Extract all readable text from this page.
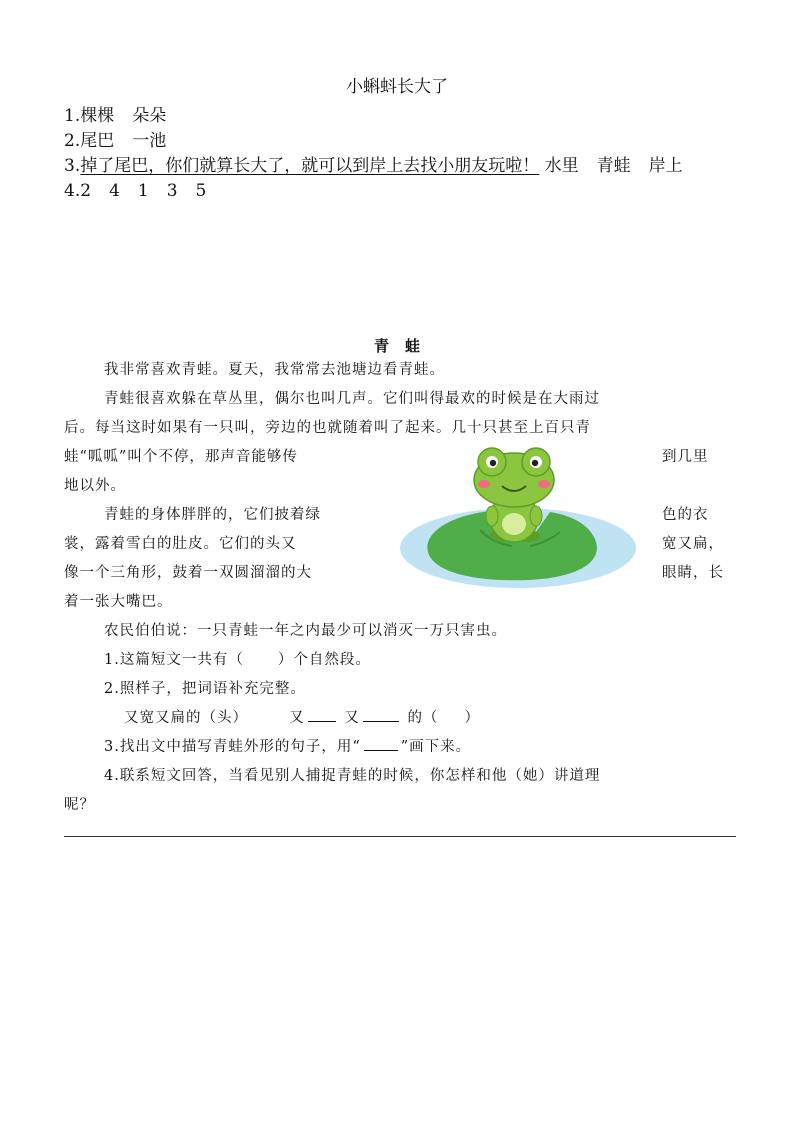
小蝌蚪长大了
1.棵棵 朵朵
2.尾巴 一池
3.掉了尾巴，你们就算长大了，就可以到岸上去找小朋友玩啦！ 水里 青蛙 岸上
4.2 4 1 3 5
青蛙
我非常喜欢青蛙。夏天，我常常去池塘边看青蛙。
青蛙很喜欢躲在草丛里，偶尔也叫几声。它们叫得最欢的时候是在大雨过
后。每当这时如果有一只叫，旁边的也就随着叫了起来。几十只甚至上百只青
蛙“呱呱”叫个不停，那声音能够传	到几里
地以外。
青蛙的身体胖胖的，它们披着绿	色的衣
裳，露着雪白的肚皮。它们的头又	宽又扁，
像一个三角形，鼓着一双圆溜溜的大	眼睛，长
着一张大嘴巴。
农民伯伯说：一只青蛙一年之内最少可以消灭一万只害虫。
1.这篇短文一共有（ ）个自然段。
2.照样子，把词语补充完整。
又宽又扁的（头）	又	又	的（ ）
3.找出文中描写青蛙外形的句子，用“	”画下来。
4.联系短文回答，当看见别人捕捉青蛙的时候，你怎样和他（她）讲道理
呢？
